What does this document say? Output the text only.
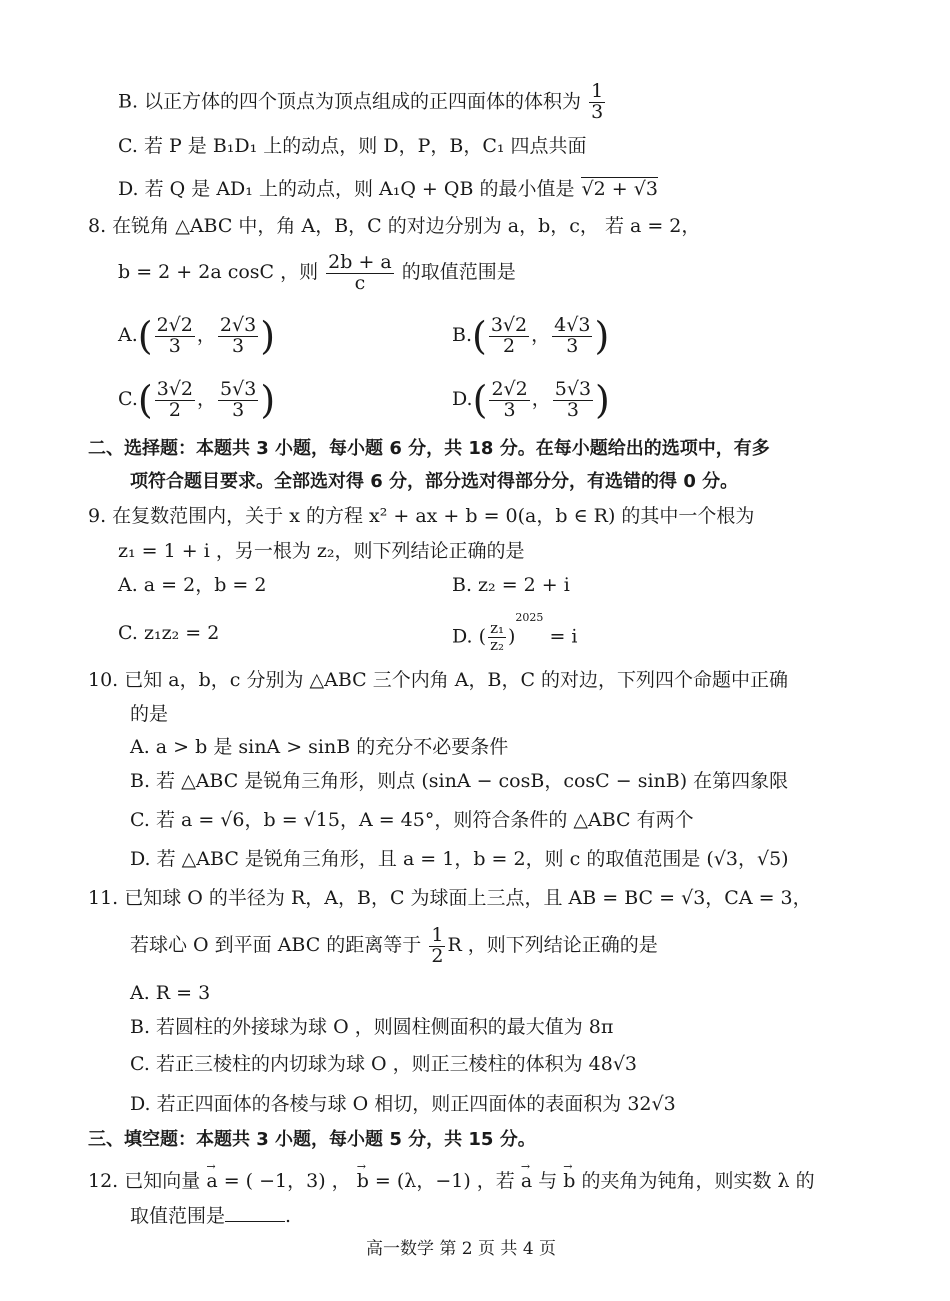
B. 以正方体的四个顶点为顶点组成的正四面体的体积为 $\frac{1}{3}$
C. 若 P 是 B₁D₁ 上的动点，则 D，P，B，C₁ 四点共面
D. 若 Q 是 AD₁ 上的动点，则 A₁Q + QB 的最小值是 √2 + √3
8. 在锐角 △ABC 中，角 A，B，C 的对边分别为 a，b，c， 若 a = 2，
b = 2 + 2a cosC ，则 $\frac{2b + a}{c}$ 的取值范围是
$A.( \frac{2√2}{3}$ ， $\frac{2√3}{3}$ )	$B.( \frac{3√2}{2}$ ， $\frac{4√3}{3}$ )
$C.( \frac{3√2}{2}$ ， $\frac{5√3}{3}$ )	$D.( \frac{2√2}{3}$ ， $\frac{5√3}{3}$ )
二、选择题：本题共 3 小题，每小题 6 分，共 18 分。在每小题给出的选项中，有多
项符合题目要求。全部选对得 6 分，部分选对得部分分，有选错的得 0 分。
9. 在复数范围内，关于 x 的方程 x² + ax + b = 0(a，b ∈ R) 的其中一个根为
z₁ = 1 + i ，另一根为 z₂，则下列结论正确的是
A. a = 2，b = 2	B. z₂ = 2 + i
C. z₁z₂ = 2	D. ( $\frac{\text{z₁}}{\text{z₂}} )^{2025} = i$
10. 已知 a，b，c 分别为 △ABC 三个内角 A，B，C 的对边，下列四个命题中正确
的是
A. a > b 是 sinA > sinB 的充分不必要条件
B. 若 △ABC 是锐角三角形，则点 (sinA − cosB，cosC − sinB) 在第四象限
C. 若 a = √6，b = √15，A = 45°，则符合条件的 △ABC 有两个
D. 若 △ABC 是锐角三角形，且 a = 1，b = 2，则 c 的取值范围是 (√3，√5)
11. 已知球 O 的半径为 R，A，B，C 为球面上三点，且 AB = BC = √3，CA = 3，
若球心 O 到平面 ABC 的距离等于 $\frac{1}{2}$ R ，则下列结论正确的是
A. R = 3
B. 若圆柱的外接球为球 O ，则圆柱侧面积的最大值为 8π
C. 若正三棱柱的内切球为球 O ，则正三棱柱的体积为 48√3
D. 若正四面体的各棱与球 O 相切，则正四面体的表面积为 32√3
三、填空题：本题共 3 小题，每小题 5 分，共 15 分。
12. 已知向量 → a = ( −1，3) ， → b = (λ，−1) ，若 → a 与 → b 的夹角为钝角，则实数 λ 的
取值范围是	.
高一数学 第 2 页 共 4 页
